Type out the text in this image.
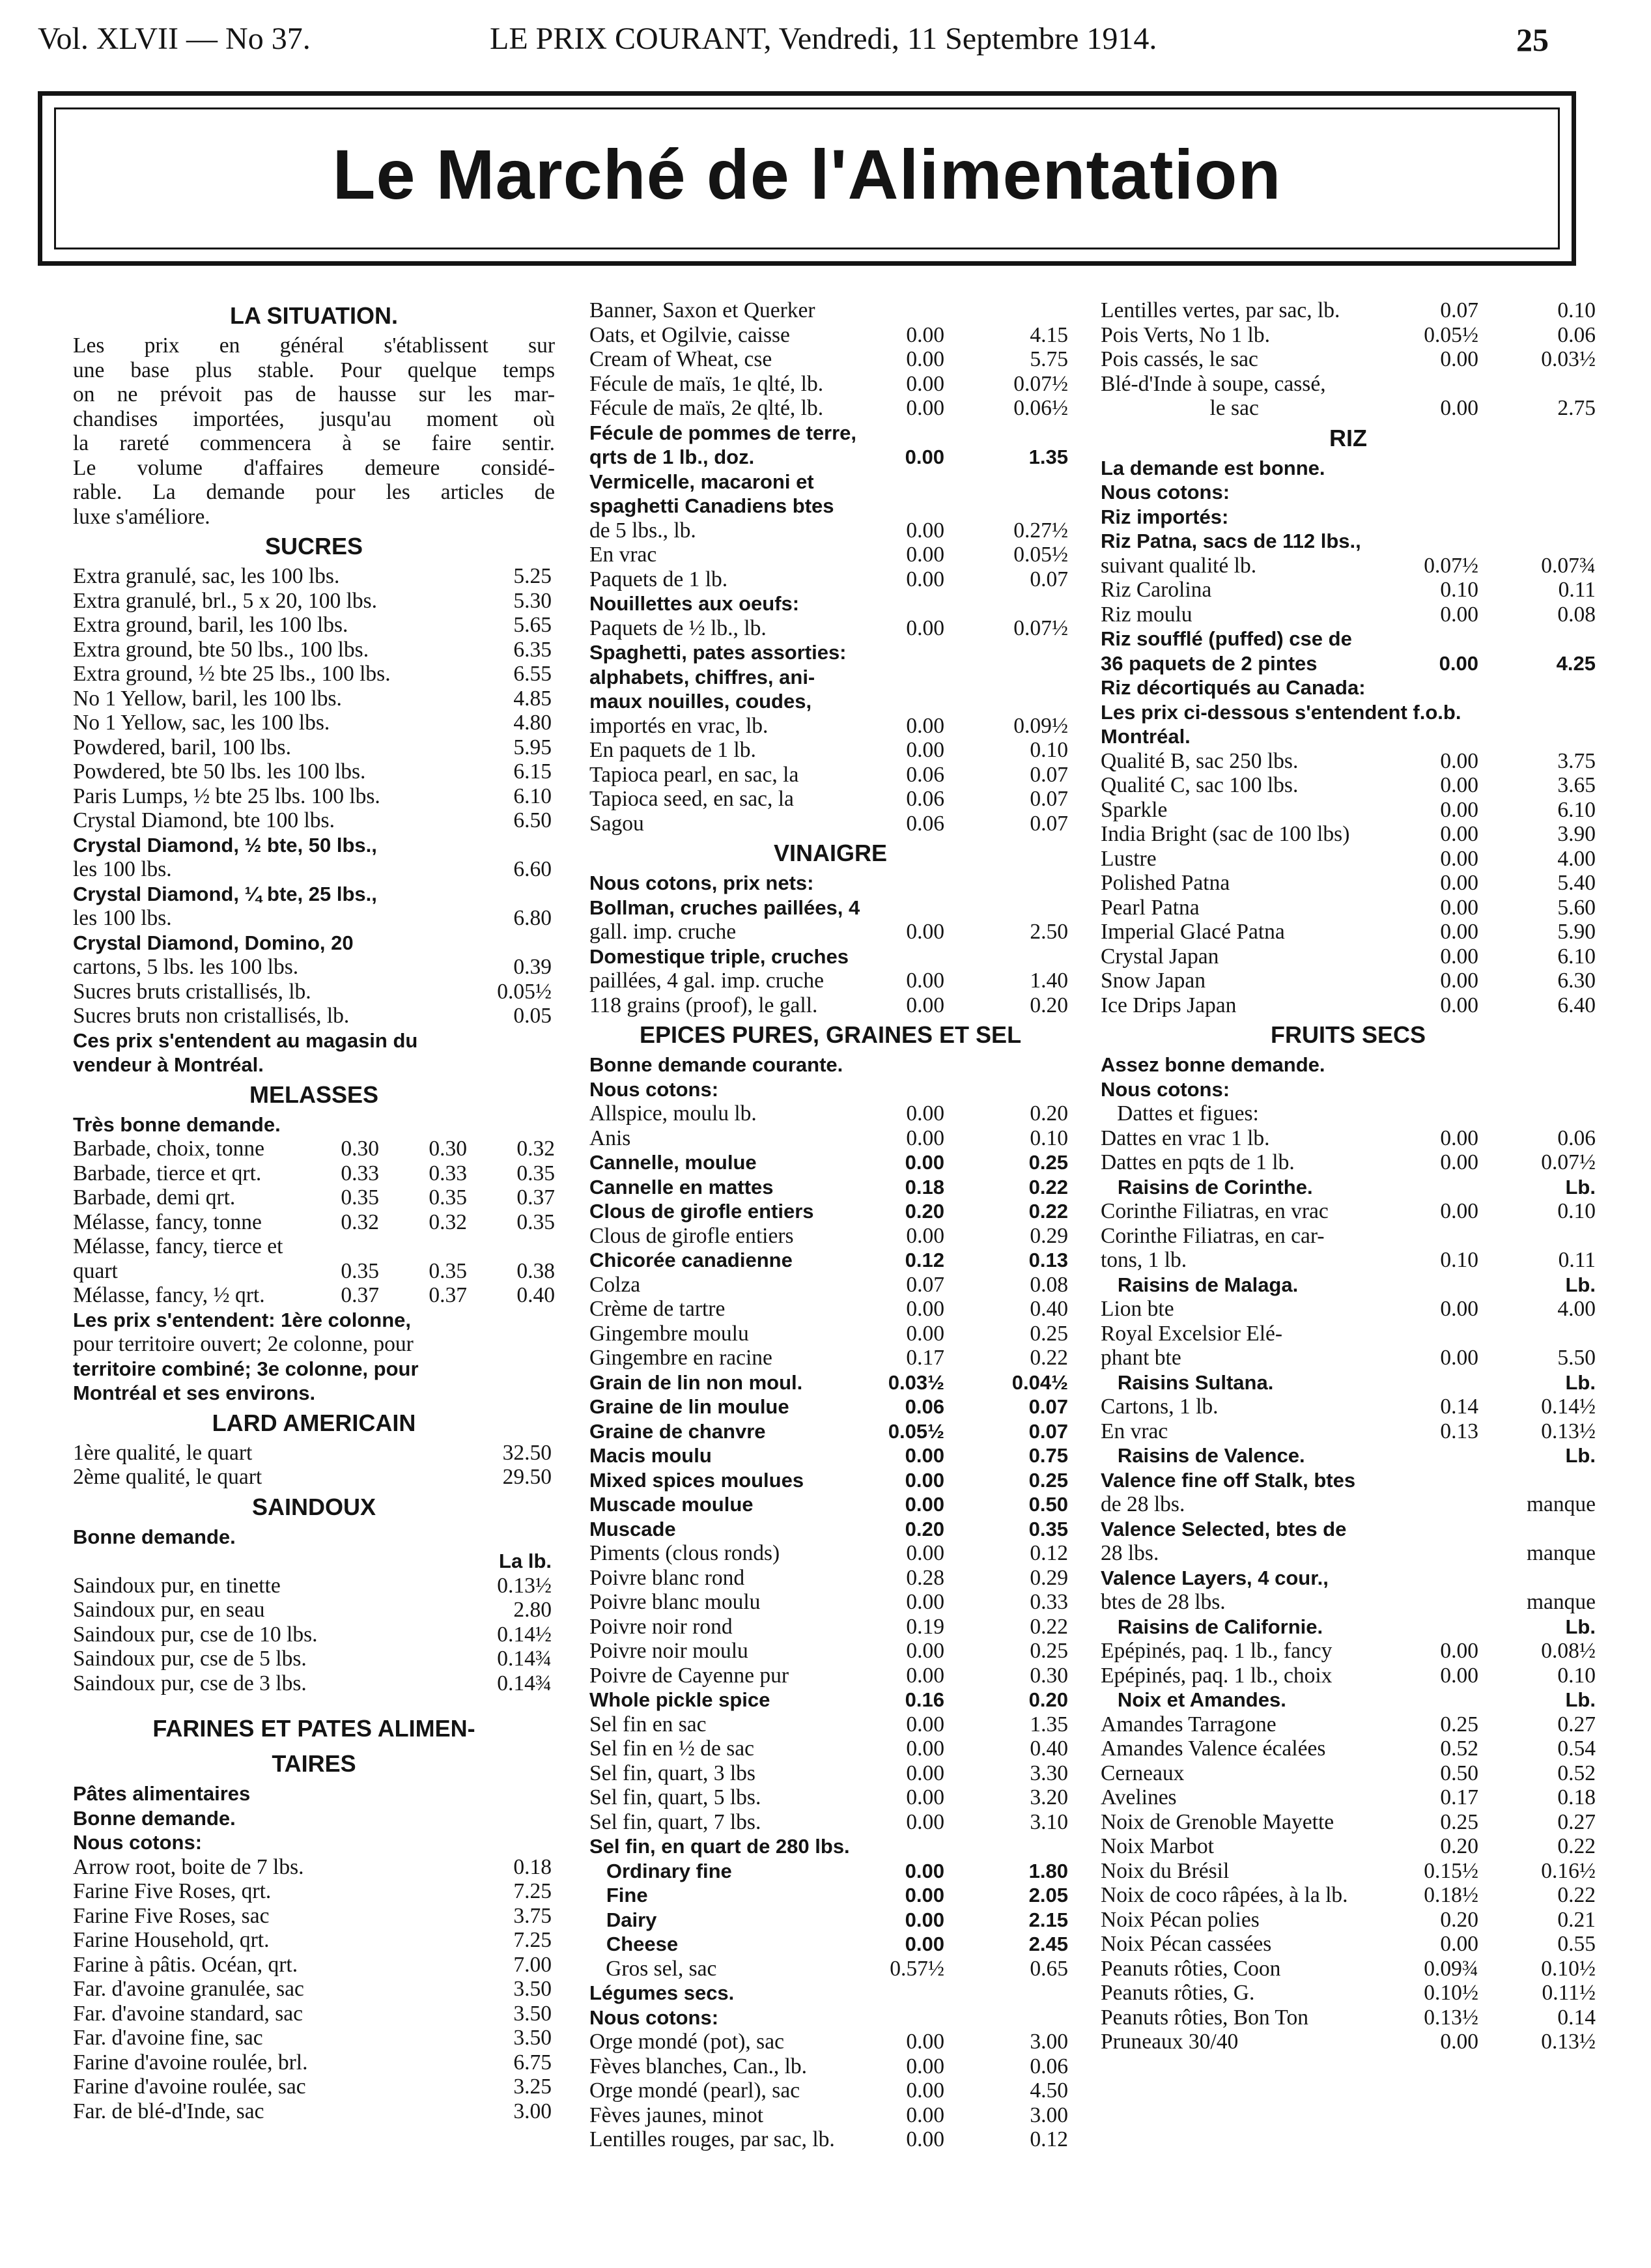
Vol. XLVII — No 37.	LE PRIX COURANT, Vendredi, 11 Septembre 1914.	25
Le Marché de l'Alimentation
LA SITUATION.
Les prix en général s'établissent sur
une base plus stable. Pour quelque temps
on ne prévoit pas de hausse sur les mar-
chandises importées, jusqu'au moment où
la rareté commencera à se faire sentir.
Le volume d'affaires demeure considé-
rable. La demande pour les articles de
luxe s'améliore.
SUCRES
Extra granulé, sac, les 100 lbs.	5.25
Extra granulé, brl., 5 x 20, 100 lbs.	5.30
Extra ground, baril, les 100 lbs.	5.65
Extra ground, bte 50 lbs., 100 lbs.	6.35
Extra ground, ½ bte 25 lbs., 100 lbs.	6.55
No 1 Yellow, baril, les 100 lbs.	4.85
No 1 Yellow, sac, les 100 lbs.	4.80
Powdered, baril, 100 lbs.	5.95
Powdered, bte 50 lbs. les 100 lbs.	6.15
Paris Lumps, ½ bte 25 lbs. 100 lbs.	6.10
Crystal Diamond, bte 100 lbs.	6.50
Crystal Diamond, ½ bte, 50 lbs.,
les 100 lbs.	6.60
Crystal Diamond, ¼ bte, 25 lbs.,
les 100 lbs.	6.80
Crystal Diamond, Domino, 20
cartons, 5 lbs. les 100 lbs.	0.39
Sucres bruts cristallisés, lb.	0.05½
Sucres bruts non cristallisés, lb.	0.05
Ces prix s'entendent au magasin du
vendeur à Montréal.
MELASSES
Très bonne demande.
Barbade, choix, tonne	0.30 0.30 0.32
Barbade, tierce et qrt.	0.33 0.33 0.35
Barbade, demi qrt.	0.35 0.35 0.37
Mélasse, fancy, tonne	0.32 0.32 0.35
Mélasse, fancy, tierce et
quart	0.35 0.35 0.38
Mélasse, fancy, ½ qrt.	0.37 0.37 0.40
Les prix s'entendent: 1ère colonne,
pour territoire ouvert; 2e colonne, pour
territoire combiné; 3e colonne, pour
Montréal et ses environs.
LARD AMERICAIN
1ère qualité, le quart	32.50
2ème qualité, le quart	29.50
SAINDOUX
Bonne demande.
La lb.
Saindoux pur, en tinette	0.13½
Saindoux pur, en seau	2.80
Saindoux pur, cse de 10 lbs.	0.14½
Saindoux pur, cse de 5 lbs.	0.14¾
Saindoux pur, cse de 3 lbs.	0.14¾
FARINES ET PATES ALIMEN-
TAIRES
Pâtes alimentaires
Bonne demande.
Nous cotons:
Arrow root, boite de 7 lbs.	0.18
Farine Five Roses, qrt.	7.25
Farine Five Roses, sac	3.75
Farine Household, qrt.	7.25
Farine à pâtis. Océan, qrt.	7.00
Far. d'avoine granulée, sac	3.50
Far. d'avoine standard, sac	3.50
Far. d'avoine fine, sac	3.50
Farine d'avoine roulée, brl.	6.75
Farine d'avoine roulée, sac	3.25
Far. de blé-d'Inde, sac	3.00
Banner, Saxon et Querker
Oats, et Ogilvie, caisse	0.00	4.15
Cream of Wheat, cse	0.00	5.75
Fécule de maïs, 1e qlté, lb.	0.00	0.07½
Fécule de maïs, 2e qlté, lb.	0.00	0.06½
Fécule de pommes de terre,
qrts de 1 lb., doz.	0.00	1.35
Vermicelle, macaroni et
spaghetti Canadiens btes
de 5 lbs., lb.	0.00	0.27½
En vrac	0.00	0.05½
Paquets de 1 lb.	0.00	0.07
Nouillettes aux oeufs:
Paquets de ½ lb., lb.	0.00	0.07½
Spaghetti, pates assorties:
alphabets, chiffres, ani-
maux nouilles, coudes,
importés en vrac, lb.	0.00	0.09½
En paquets de 1 lb.	0.00	0.10
Tapioca pearl, en sac, la	0.06	0.07
Tapioca seed, en sac, la	0.06	0.07
Sagou	0.06	0.07
VINAIGRE
Nous cotons, prix nets:
Bollman, cruches paillées, 4
gall. imp. cruche	0.00	2.50
Domestique triple, cruches
paillées, 4 gal. imp. cruche	0.00	1.40
118 grains (proof), le gall.	0.00	0.20
EPICES PURES, GRAINES ET SEL
Bonne demande courante.
Nous cotons:
Allspice, moulu lb.	0.00	0.20
Anis	0.00	0.10
Cannelle, moulue	0.00	0.25
Cannelle en mattes	0.18	0.22
Clous de girofle entiers	0.20	0.22
Clous de girofle entiers	0.00	0.29
Chicorée canadienne	0.12	0.13
Colza	0.07	0.08
Crème de tartre	0.00	0.40
Gingembre moulu	0.00	0.25
Gingembre en racine	0.17	0.22
Grain de lin non moul.	0.03½	0.04½
Graine de lin moulue	0.06	0.07
Graine de chanvre	0.05½	0.07
Macis moulu	0.00	0.75
Mixed spices moulues	0.00	0.25
Muscade moulue	0.00	0.50
Muscade	0.20	0.35
Piments (clous ronds)	0.00	0.12
Poivre blanc rond	0.28	0.29
Poivre blanc moulu	0.00	0.33
Poivre noir rond	0.19	0.22
Poivre noir moulu	0.00	0.25
Poivre de Cayenne pur	0.00	0.30
Whole pickle spice	0.16	0.20
Sel fin en sac	0.00	1.35
Sel fin en ½ de sac	0.00	0.40
Sel fin, quart, 3 lbs	0.00	3.30
Sel fin, quart, 5 lbs.	0.00	3.20
Sel fin, quart, 7 lbs.	0.00	3.10
Sel fin, en quart de 280 lbs.
Ordinary fine	0.00	1.80
Fine	0.00	2.05
Dairy	0.00	2.15
Cheese	0.00	2.45
Gros sel, sac	0.57½	0.65
Légumes secs.
Nous cotons:
Orge mondé (pot), sac	0.00	3.00
Fèves blanches, Can., lb.	0.00	0.06
Orge mondé (pearl), sac	0.00	4.50
Fèves jaunes, minot	0.00	3.00
Lentilles rouges, par sac, lb.	0.00	0.12
Lentilles vertes, par sac, lb.	0.07	0.10
Pois Verts, No 1 lb.	0.05½	0.06
Pois cassés, le sac	0.00	0.03½
Blé-d'Inde à soupe, cassé,
le sac	0.00	2.75
RIZ
La demande est bonne.
Nous cotons:
Riz importés:
Riz Patna, sacs de 112 lbs.,
suivant qualité lb.	0.07½	0.07¾
Riz Carolina	0.10	0.11
Riz moulu	0.00	0.08
Riz soufflé (puffed) cse de
36 paquets de 2 pintes	0.00	4.25
Riz décortiqués au Canada:
Les prix ci-dessous s'entendent f.o.b.
Montréal.
Qualité B, sac 250 lbs.	0.00	3.75
Qualité C, sac 100 lbs.	0.00	3.65
Sparkle	0.00	6.10
India Bright (sac de 100 lbs)	0.00	3.90
Lustre	0.00	4.00
Polished Patna	0.00	5.40
Pearl Patna	0.00	5.60
Imperial Glacé Patna	0.00	5.90
Crystal Japan	0.00	6.10
Snow Japan	0.00	6.30
Ice Drips Japan	0.00	6.40
FRUITS SECS
Assez bonne demande.
Nous cotons:
Dattes et figues:
Dattes en vrac 1 lb.	0.00	0.06
Dattes en pqts de 1 lb.	0.00	0.07½
Raisins de Corinthe.	Lb.
Corinthe Filiatras, en vrac	0.00	0.10
Corinthe Filiatras, en car-
tons, 1 lb.	0.10	0.11
Raisins de Malaga.	Lb.
Lion bte	0.00	4.00
Royal Excelsior Elé-
phant bte	0.00	5.50
Raisins Sultana.	Lb.
Cartons, 1 lb.	0.14	0.14½
En vrac	0.13	0.13½
Raisins de Valence.	Lb.
Valence fine off Stalk, btes
de 28 lbs.	manque
Valence Selected, btes de
28 lbs.	manque
Valence Layers, 4 cour.,
btes de 28 lbs.	manque
Raisins de Californie.	Lb.
Epépinés, paq. 1 lb., fancy	0.00	0.08½
Epépinés, paq. 1 lb., choix	0.00	0.10
Noix et Amandes.	Lb.
Amandes Tarragone	0.25	0.27
Amandes Valence écalées	0.52	0.54
Cerneaux	0.50	0.52
Avelines	0.17	0.18
Noix de Grenoble Mayette	0.25	0.27
Noix Marbot	0.20	0.22
Noix du Brésil	0.15½	0.16½
Noix de coco râpées, à la lb.	0.18½	0.22
Noix Pécan polies	0.20	0.21
Noix Pécan cassées	0.00	0.55
Peanuts rôties, Coon	0.09¾	0.10½
Peanuts rôties, G.	0.10½	0.11½
Peanuts rôties, Bon Ton	0.13½	0.14
Pruneaux 30/40	0.00	0.13½
